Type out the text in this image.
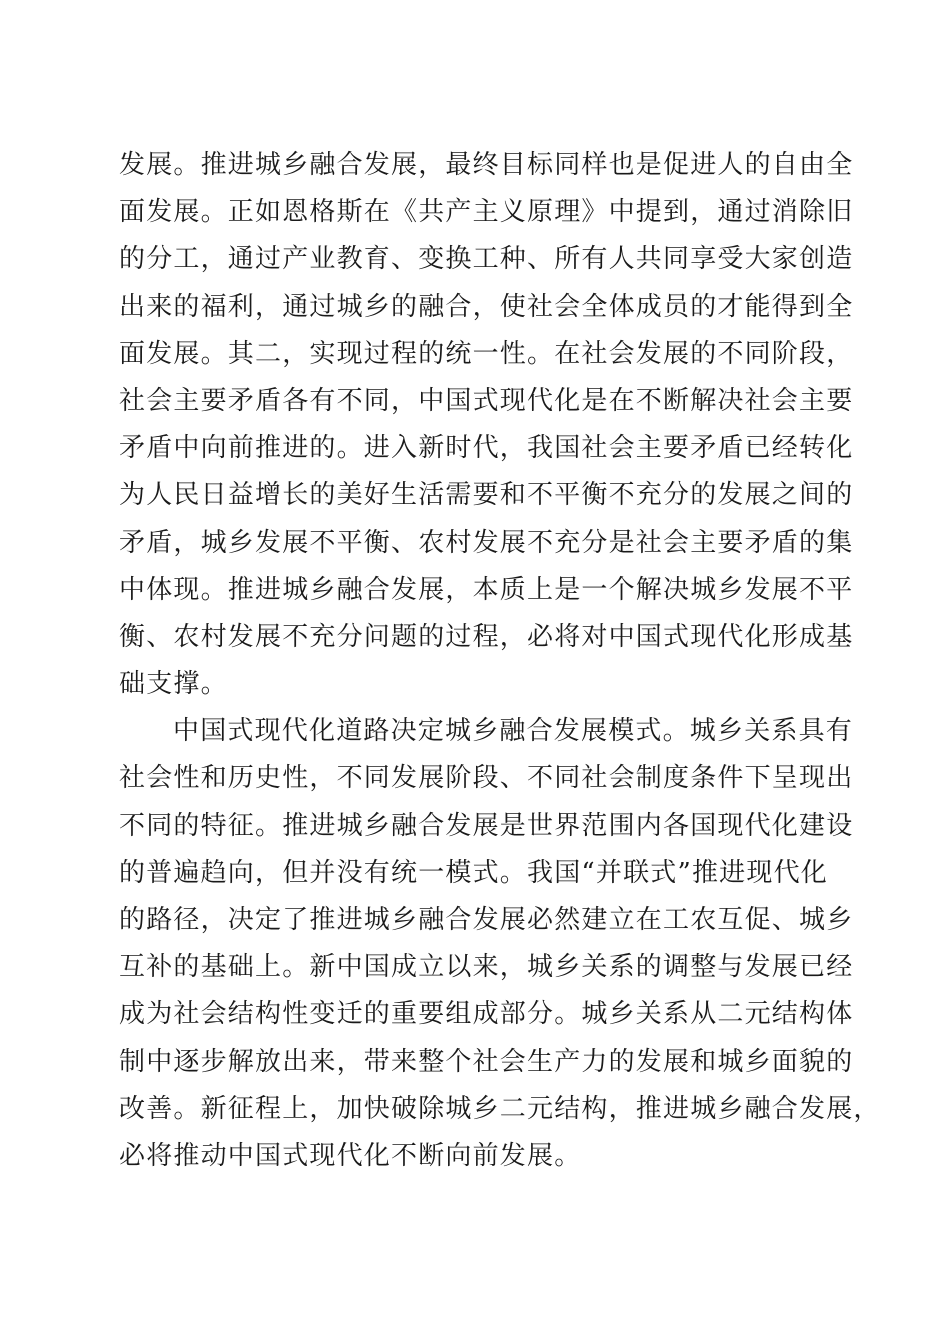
发展。推进城乡融合发展，最终目标同样也是促进人的自由全
面发展。正如恩格斯在《共产主义原理》中提到，通过消除旧
的分工，通过产业教育、变换工种、所有人共同享受大家创造
出来的福利，通过城乡的融合，使社会全体成员的才能得到全
面发展。其二，实现过程的统一性。在社会发展的不同阶段，
社会主要矛盾各有不同，中国式现代化是在不断解决社会主要
矛盾中向前推进的。进入新时代，我国社会主要矛盾已经转化
为人民日益增长的美好生活需要和不平衡不充分的发展之间的
矛盾，城乡发展不平衡、农村发展不充分是社会主要矛盾的集
中体现。推进城乡融合发展，本质上是一个解决城乡发展不平
衡、农村发展不充分问题的过程，必将对中国式现代化形成基
础支撑。
中国式现代化道路决定城乡融合发展模式。城乡关系具有
社会性和历史性，不同发展阶段、不同社会制度条件下呈现出
不同的特征。推进城乡融合发展是世界范围内各国现代化建设
的普遍趋向，但并没有统一模式。我国“并联式”推进现代化
的路径，决定了推进城乡融合发展必然建立在工农互促、城乡
互补的基础上。新中国成立以来，城乡关系的调整与发展已经
成为社会结构性变迁的重要组成部分。城乡关系从二元结构体
制中逐步解放出来，带来整个社会生产力的发展和城乡面貌的
改善。新征程上，加快破除城乡二元结构，推进城乡融合发展，
必将推动中国式现代化不断向前发展。
